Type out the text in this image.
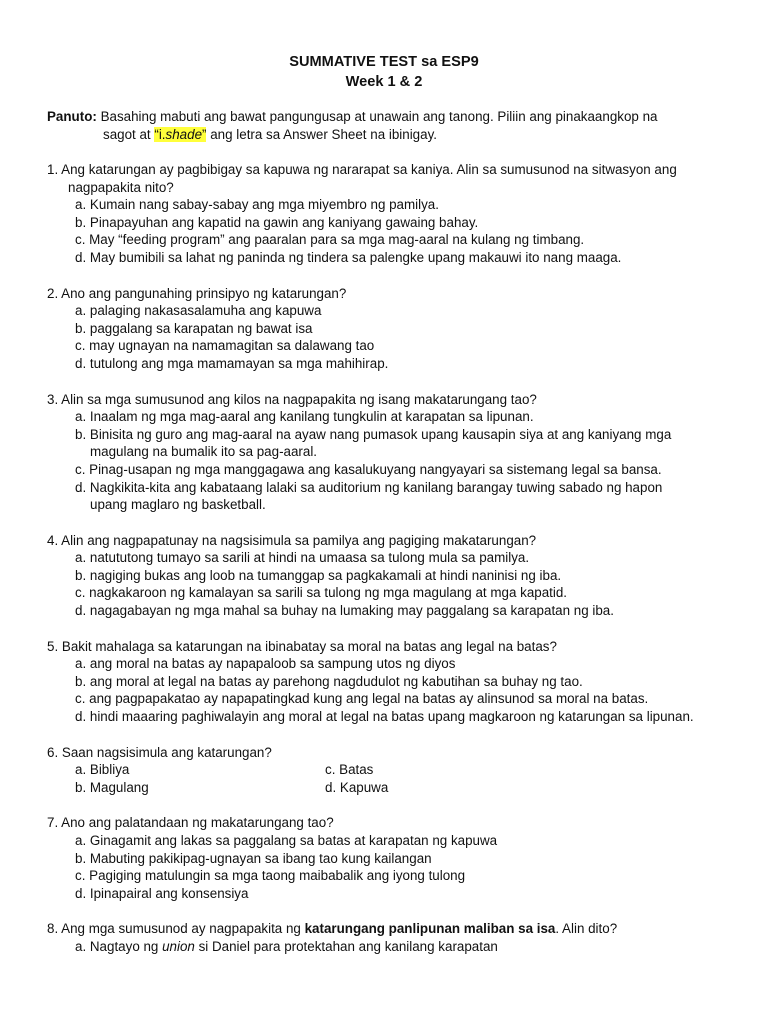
SUMMATIVE TEST sa ESP9
Week 1 & 2
Panuto: Basahing mabuti ang bawat pangungusap at unawain ang tanong. Piliin ang pinakaangkop na
sagot at “i.shade” ang letra sa Answer Sheet na ibinigay.
1. Ang katarungan ay pagbibigay sa kapuwa ng nararapat sa kaniya. Alin sa sumusunod na sitwasyon ang
nagpapakita nito?
a. Kumain nang sabay-sabay ang mga miyembro ng pamilya.
b. Pinapayuhan ang kapatid na gawin ang kaniyang gawaing bahay.
c. May “feeding program” ang paaralan para sa mga mag-aaral na kulang ng timbang.
d. May bumibili sa lahat ng paninda ng tindera sa palengke upang makauwi ito nang maaga.
2. Ano ang pangunahing prinsipyo ng katarungan?
a. palaging nakasasalamuha ang kapuwa
b. paggalang sa karapatan ng bawat isa
c. may ugnayan na namamagitan sa dalawang tao
d. tutulong ang mga mamamayan sa mga mahihirap.
3. Alin sa mga sumusunod ang kilos na nagpapakita ng isang makatarungang tao?
a. Inaalam ng mga mag-aaral ang kanilang tungkulin at karapatan sa lipunan.
b. Binisita ng guro ang mag-aaral na ayaw nang pumasok upang kausapin siya at ang kaniyang mga
magulang na bumalik ito sa pag-aaral.
c. Pinag-usapan ng mga manggagawa ang kasalukuyang nangyayari sa sistemang legal sa bansa.
d. Nagkikita-kita ang kabataang lalaki sa auditorium ng kanilang barangay tuwing sabado ng hapon
upang maglaro ng basketball.
4. Alin ang nagpapatunay na nagsisimula sa pamilya ang pagiging makatarungan?
a. natututong tumayo sa sarili at hindi na umaasa sa tulong mula sa pamilya.
b. nagiging bukas ang loob na tumanggap sa pagkakamali at hindi naninisi ng iba.
c. nagkakaroon ng kamalayan sa sarili sa tulong ng mga magulang at mga kapatid.
d. nagagabayan ng mga mahal sa buhay na lumaking may paggalang sa karapatan ng iba.
5. Bakit mahalaga sa katarungan na ibinabatay sa moral na batas ang legal na batas?
a. ang moral na batas ay napapaloob sa sampung utos ng diyos
b. ang moral at legal na batas ay parehong nagdudulot ng kabutihan sa buhay ng tao.
c. ang pagpapakatao ay napapatingkad kung ang legal na batas ay alinsunod sa moral na batas.
d. hindi maaaring paghiwalayin ang moral at legal na batas upang magkaroon ng katarungan sa lipunan.
6. Saan nagsisimula ang katarungan?
a. Bibliya	c. Batas
b. Magulang	d. Kapuwa
7. Ano ang palatandaan ng makatarungang tao?
a. Ginagamit ang lakas sa paggalang sa batas at karapatan ng kapuwa
b. Mabuting pakikipag-ugnayan sa ibang tao kung kailangan
c. Pagiging matulungin sa mga taong maibabalik ang iyong tulong
d. Ipinapairal ang konsensiya
8. Ang mga sumusunod ay nagpapakita ng katarungang panlipunan maliban sa isa. Alin dito?
a. Nagtayo ng union si Daniel para protektahan ang kanilang karapatan
